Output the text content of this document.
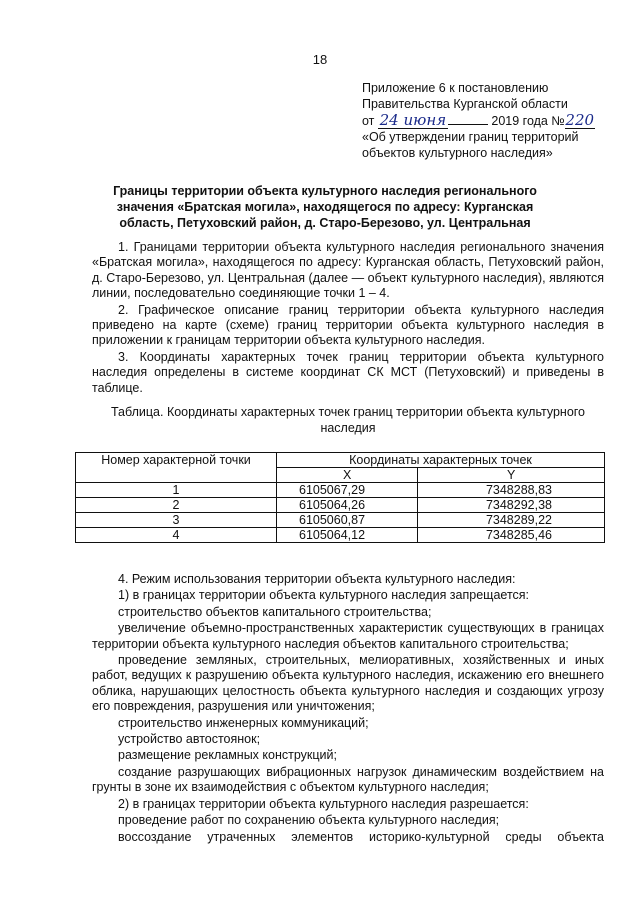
18
Приложение 6 к постановлению
Правительства Курганской области
от 24 июня	2019 года №220
«Об утверждении границ территорий
объектов культурного наследия»
Границы территории объекта культурного наследия регионального значения «Братская могила», находящегося по адресу: Курганская область, Петуховский район, д. Старо-Березово, ул. Центральная

1. Границами территории объекта культурного наследия регионального значения «Братская могила», находящегося по адресу: Курганская область, Петуховский район, д. Старо-Березово, ул. Центральная (далее — объект культурного наследия), являются линии, последовательно соединяющие точки 1 – 4.

2. Графическое описание границ территории объекта культурного наследия приведено на карте (схеме) границ территории объекта культурного наследия в приложении к границам территории объекта культурного наследия.

3. Координаты характерных точек границ территории объекта культурного наследия определены в системе координат СК МСТ (Петуховский) и приведены в таблице.

Таблица. Координаты характерных точек границ территории объекта культурного наследия
Номер характерной точки	Координаты характерных точек	
	X	Y
1	6105067,29	7348288,83
2	6105064,26	7348292,38
3	6105060,87	7348289,22
4	6105064,12	7348285,46

4. Режим использования территории объекта культурного наследия:

1) в границах территории объекта культурного наследия запрещается:

строительство объектов капитального строительства;

увеличение объемно-пространственных характеристик существующих в границах территории объекта культурного наследия объектов капитального строительства;

проведение земляных, строительных, мелиоративных, хозяйственных и иных работ, ведущих к разрушению объекта культурного наследия, искажению его внешнего облика, нарушающих целостность объекта культурного наследия и создающих угрозу его повреждения, разрушения или уничтожения;

строительство инженерных коммуникаций;

устройство автостоянок;

размещение рекламных конструкций;

создание разрушающих вибрационных нагрузок динамическим воздействием на грунты в зоне их взаимодействия с объектом культурного наследия;

2) в границах территории объекта культурного наследия разрешается:

проведение работ по сохранению объекта культурного наследия;

воссоздание утраченных элементов историко-культурной среды объекта
